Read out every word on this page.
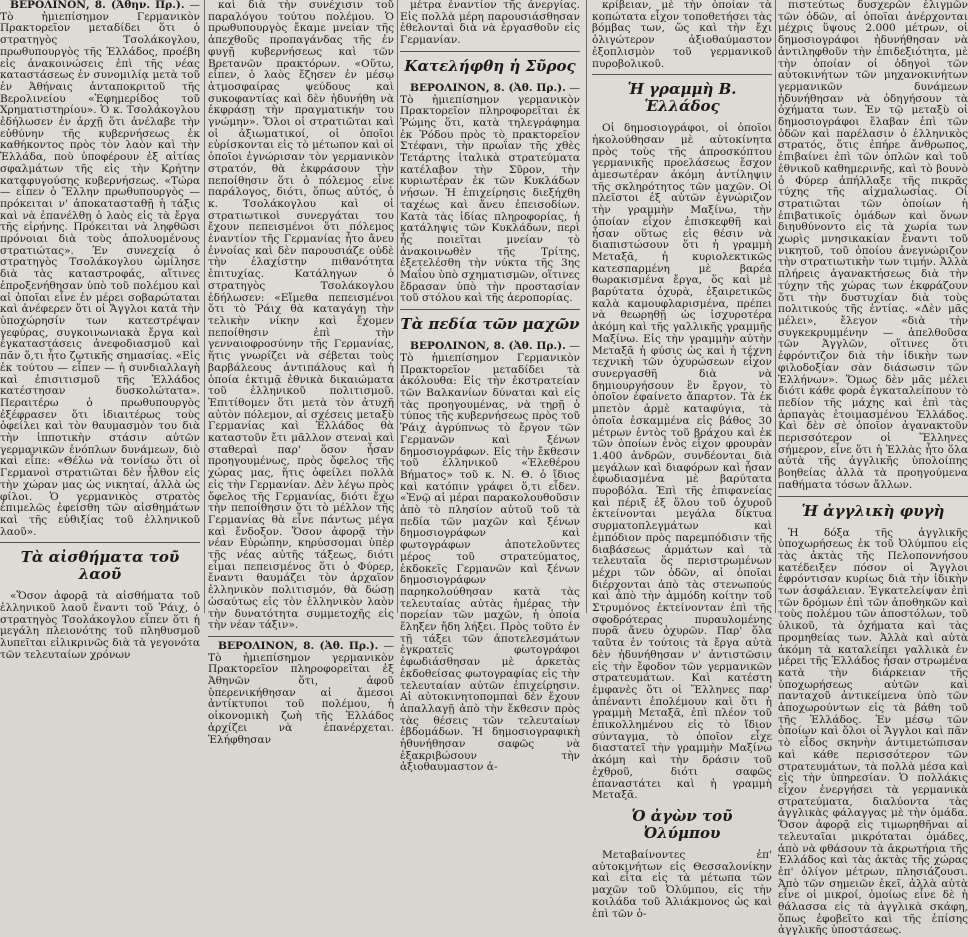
ΒΕΡΟΛΙΝΟΝ, 8. (Ἀθην. Πρ.). — Τὸ ἡμιεπίσημον Γερμανικὸν Πρακτορεῖον μεταδίδει ὅτι ὁ στρατηγὸς Τσολάκογλου, πρωθυπουργὸς τῆς Ἑλλάδος, προέβη εἰς ἀνακοινώσεις ἐπὶ τῆς νέας καταστάσεως ἐν συνομιλίᾳ μετὰ τοῦ ἐν Ἀθήναις ἀνταποκριτοῦ τῆς Βερολινείου «Ἐφημερίδος τοῦ Χρηματιστηρίου». Ὁ κ. Τσολάκογλου ἐδήλωσεν ἐν ἀρχῇ ὅτι ἀνέλαβε τὴν εὐθύνην τῆς κυβερνήσεως ἐκ καθήκοντος πρὸς τὸν λαὸν καὶ τὴν Ἑλλάδα, ποὺ ὑποφέρουν ἐξ αἰτίας σφαλμάτων τῆς εἰς τὴν Κρήτην καταφυγούσης κυβερνήσεως. «Τώρα — εἶπεν ὁ Ἕλλην πρωθυπουργὸς — πρόκειται ν' ἀποκατασταθῇ ἡ τάξις καὶ νὰ ἐπανέλθῃ ὁ λαὸς εἰς τὰ ἔργα τῆς εἰρήνης. Πρόκειται νὰ ληφθῶσι πρόνοιαι διὰ τοὺς ἀπολυομένους στρατιώτας». Ἐν συνεχείᾳ ὁ στρατηγὸς Τσολάκογλου ὡμίλησε διὰ τὰς καταστροφάς, αἵτινες ἐπροξενήθησαν ὑπὸ τοῦ πολέμου καὶ αἱ ὁποῖαι εἶνε ἐν μέρει σοβαρώταται καὶ ἀνέφερεν ὅτι οἱ Ἄγγλοι κατὰ τὴν ὑποχώρησίν των κατεστρέψαν γεφύρας, συγκοινωνιακὰ ἔργα καὶ ἐγκαταστάσεις ἀνεφοδιασμοῦ καὶ πᾶν ὅ,τι ἦτο ζωτικῆς σημασίας. «Εἰς ἐκ τούτου — εἶπεν — ἡ συνδιαλλαγὴ καὶ ἐπισιτισμοῦ τῆς Ἑλλάδος κατέστησαν δυσκολώτατα». Περαιτέρω ὁ πρωθυπουργὸς ἐξέφρασεν ὅτι ἰδιαιτέρως τοὺς ὀφείλει καὶ τὸν θαυμασμὸν του διὰ τὴν ἱπποτικὴν στάσιν αὐτῶν γερμανικῶν ἐνόπλων δυνάμεων, διὸ καὶ εἶπε: «Θέλω νὰ τονίσω ὅτι οἱ Γερμανοὶ στρατιῶται δὲν ἦλθον εἰς τὴν χώραν μας ὡς νικηταί, ἀλλὰ ὡς φίλοι. Ὁ γερμανικὸς στρατὸς ἐπιμελῶς ἐφείσθη τῶν αἰσθημάτων καὶ τῆς εὐθιξίας τοῦ ἑλληνικοῦ λαοῦ».

Τὰ αἰσθήματα τοῦ λαοῦ

«Ὅσον ἀφορᾷ τὰ αἰσθήματα τοῦ ἑλληνικοῦ λαοῦ ἔναντι τοῦ Ῥάιχ, ὁ στρατηγὸς Τσολάκογλου εἶπεν ὅτι ἡ μεγάλη πλειονότης τοῦ πληθυσμοῦ λυπεῖται εἰλικρινῶς διὰ τὰ γεγονότα τῶν τελευταίων χρόνων

καὶ διὰ τὴν συνέχισιν τοῦ παραλόγου τούτου πολέμου. Ὁ πρωθυπουργὸς ἔκαμε μνείαν τῆς ἀπεχθοῦς προπαγάνδας τῆς ἐν φυγῇ κυβερνήσεως καὶ τῶν Βρετανῶν πρακτόρων. «Οὕτω, εἶπεν, ὁ λαὸς ἔζησεν ἐν μέσῳ ἀτμοσφαίρας ψεύδους καὶ συκοφαντίας καὶ δὲν ἠδυνήθη νὰ ἐκφράσῃ τὴν πραγματικήν του γνώμην». Ὅλοι οἱ στρατιῶται καὶ οἱ ἀξιωματικοί, οἱ ὁποῖοι εὑρίσκονται εἰς τὸ μέτωπον καὶ οἱ ὁποῖοι ἐγνώρισαν τὸν γερμανικὸν στρατόν, θὰ ἐκφράσουν τὴν πεποίθησιν ὅτι ὁ πόλεμος εἶνε παράλογος, διότι, ὅπως αὐτός, ὁ κ. Τσολάκογλου καὶ οἱ στρατιωτικοὶ συνεργάται του ἔχουν πεπεισμένοι ὅτι πόλεμος ἐναντίον τῆς Γερμανίας ἦτο ἄνευ ἐννοίας καὶ δὲν παρουσιάζε οὐδὲ τὴν ἐλαχίστην πιθανότητα ἐπιτυχίας. Κατάληγων ὁ στρατηγὸς Τσολάκογλου ἐδήλωσεν: «Εἴμεθα πεπεισμένοι ὅτι τὸ Ῥάιχ θὰ καταγάγῃ τὴν τελικὴν νίκην καὶ ἔχομεν πεποίθησιν ἐπὶ τὴν γενναιοφροσύνην τῆς Γερμανίας, ἥτις γνωρίζει νὰ σέβεται τοὺς βαρβάλεους ἀντιπάλους καὶ ἡ ὁποία ἐκτιμᾷ ἐθνικὰ δικαιώματα τοῦ ἑλληνικοῦ πολιτισμοῦ. Ἐπιτίθομεν ὅτι μετὰ τὸν ἀτυχῆ αὐτὸν πόλεμον, αἱ σχέσεις μεταξὺ Γερμανίας καὶ Ἑλλάδος θὰ καταστοῦν ἔτι μᾶλλον στεναὶ καὶ σταθεραὶ παρ' ὅσον ἦσαν προηγουμένως, πρὸς ὄφελος τῆς χώρας μας, ἥτις ὀφείλει πολλὰ εἰς τὴν Γερμανίαν. Δὲν λέγω πρὸς ὄφελος τῆς Γερμανίας, διότι ἔχω τὴν πεποίθησιν ὅτι τὸ μέλλον τῆς Γερμανίας θὰ εἶνε πάντως μέγα καὶ ἔνδοξον. Ὅσον ἀφορᾷ τὴν νέαν Εὐρώπην, κηρύσσομαι ὑπὲρ τῆς νέας αὐτῆς τάξεως, διότι εἶμαι πεπεισμένος ὅτι ὁ Φύρερ, ἔναντι θαυμάζει τὸν ἀρχαῖον ἑλληνικὸν πολιτισμόν, θὰ δώσῃ ὡσαύτως εἰς τὸν ἑλληνικὸν λαὸν τὴν δυνατότητα συμμετοχῆς εἰς τὴν νέαν τάξιν».

ΒΕΡΟΛΙΝΟΝ, 8. (Ἀθ. Πρ.). — Τὸ ἡμιεπίσημον γερμανικὸν Πρακτορεῖον πληροφορεῖται ἐξ Ἀθηνῶν ὅτι, ἀφοῦ ὑπερενικήθησαν αἱ ἄμεσοι ἀντίκτυποι τοῦ πολέμου, ἡ οἰκονομικὴ ζωὴ τῆς Ἑλλάδος ἀρχίζει νὰ ἐπανέρχεται. Ἐλήφθησαν

μέτρα ἐναντίον τῆς ἀνεργίας. Εἰς πολλὰ μέρη παρουσιάσθησαν ἐθελονταὶ διὰ νὰ ἐργασθοῦν εἰς Γερμανίαν.

Κατελήφθη ἡ Σῦρος

ΒΕΡΟΛΙΝΟΝ, 8. (Ἀθ. Πρ.). — Τὸ ἡμιεπίσημον γερμανικὸν Πρακτορεῖον πληροφορεῖται ἐκ Ῥώμης ὅτι, κατὰ τηλεγράφημα ἐκ Ῥόδου πρὸς τὸ πρακτορεῖον Στέφανι, τὴν πρωΐαν τῆς χθὲς Τετάρτης ἰταλικὰ στρατεύματα κατέλαβον τὴν Σῦρον, τὴν κυριωτέραν ἐκ τῶν Κυκλάδων νήσων. Ἡ ἐπιχείρησις διεξήχθη ταχέως καὶ ἄνευ ἐπεισοδίων. Κατὰ τὰς ἰδίας πληροφορίας, ἡ κατάληψις τῶν Κυκλάδων, περὶ ἧς ποιεῖται μνείαν τὸ ἀνακοινωθὲν τῆς Τρίτης, ἐξετελέσθη τὴν νύκτα τῆς 3ης Μαΐου ὑπὸ σχηματισμῶν, οἵτινες ἔδρασαν ὑπὸ τὴν προστασίαν τοῦ στόλου καὶ τῆς ἀεροπορίας.

Τὰ πεδία τῶν μαχῶν

ΒΕΡΟΛΙΝΟΝ, 8. (Ἀθ. Πρ.). — Τὸ ἡμιεπίσημον Γερμανικὸν Πρακτορεῖον μεταδίδει τὰ ἀκόλουθα: Εἰς τὴν ἐκστρατείαν τῶν Βαλκανίων δύναται καὶ εἰς τὰς προηγουμένας, νὰ τηρῇ ὁ τύπος τῆς κυβερνήσεως πρὸς τοῦ Ῥάιχ ἀγρύπνως τὸ ἔργον τῶν Γερμανῶν καὶ ξένων δημοσιογράφων. Εἰς τὴν ἔκθεσιν τοῦ ἐλληνικοῦ «Ἐλεθέρου Βήματος» τοῦ κ. Ν. Θ. ὁ ἴδιος καὶ κατόπιν γράφει ὅ,τι εἶδεν. «Ἐνῷ αἱ μέραι παρακολουθοῦσιν ἀπὸ τὸ πλησίον αὐτοῦ τοῦ τὰ πεδία τῶν μαχῶν καὶ ξένων δημοσιογράφων καὶ φωτογράφων ἀποτελοῦντες μέρος τοῦ στρατεύματος, ἐκδοκεῖς Γερμανῶν καὶ ξένων δημοσιογράφων παρηκολούθησαν κατὰ τὰς τελευταίας αὐτὰς ἡμέρας τὴν πορείαν τῶν μαχῶν, ἡ ὁποία ἔληξεν ἤδη λήξει. Πρὸς τοῦτο ἐν τῇ τάξει τῶν ἀποτελεσμάτων ἐγκρατεῖς φωτογράφοι ἐφωδιάσθησαν μὲ ἀρκετὰς ἐκδοθείσας φωτογραφίας εἰς τὴν τελευταίαν αὐτῶν ἐπιχείρησιν. Αἱ αὐτοκινητοπομπαὶ δὲν ἔχουν ἀπαλλαγῇ ἀπὸ τὴν ἔκθεσιν πρὸς τὰς θέσεις τῶν τελευταίων ἑβδομάδων. Ἡ δημοσιογραφικὴ ἡθυνήθησαν σαφῶς νὰ ἐξακριβώσουν τὴν ἀξιοθαυμαστον ἀ-

κρίβειαν, μὲ τὴν ὁποίαν τὰ κοπώτατα εἶχον τοποθετήσει τὰς βόμβας των, ὥς καὶ τὴν ἔχι ὀλιγώτερον ἀξιοθαύμαστον ἐξοπλισμὸν τοῦ γερμανικοῦ πυροβολικοῦ.

Ἡ γραμμὴ Β. Ἑλλάδος

Οἱ δημοσιογράφοι, οἱ ὁποῖοι ἠκολούθησαν μὲ αὐτοκίνητα πρὸς τοὺς τῆς ἀπροσκόπτου γερμανικῆς προελάσεως ἔσχον ἀμεσωτέραν ἀκόμη ἀντίληψιν τῆς σκληρότητος τῶν μαχῶν. Οἱ πλεῖστοι ἐξ αὐτῶν ἐγνώριζον τὴν γραμμὴν Μαξίνω, τὴν ὁποίαν εἶχον ἐπισκεφθῆ καὶ ἦσαν οὕτως εἰς θέσιν νὰ διαπιστώσουν ὅτι ἡ γραμμὴ Μεταξᾶ, ἡ κυριολεκτικῶς κατεσπαρμένη μὲ βαρέα θωρακισμένα ἔργα, ὅς καὶ μὲ βαρύτατα ὀχυρὰ, ἐξαιρετικῶς καλὰ καμουφλαρισμένα, πρέπει νὰ θεωρηθῇ ὡς ἰσχυροτέρα ἀκόμη καὶ τῆς γαλλικῆς γραμμῆς Μαξίνω. Εἰς τὴν γραμμὴν αὐτὴν Μεταξᾶ ἡ φύσις ὡς καὶ ἡ τέχνη τεχνικὴ τῶν ὀχυρώσεων εἶχον συνεργασθῆ διὰ νὰ δημιουργήσουν ἓν ἔργον, τὸ ὁποῖον ἐφαίνετο ἄπαρτον. Τὰ ἐκ μπετὸν ἀρμὲ καταφύγια, τὰ ὁποῖα ἐσκαμμένα εἰς βάθος 30 μέτρων ἐντὸς τοῦ βράχου καὶ ἐκ τῶν ὁποίων ἐνὸς εἶχον φρουρὰν 1.400 ἀνδρῶν, συνδέονται διὰ μεγάλων καὶ διαφόρων καὶ ἦσαν ἐφωδιασμένα μὲ βαρύτατα πυροβόλα. Ἐπὶ τῆς ἐπιφανείας καὶ πέριξ ἐξ ὅλου τοῦ ὀχυροῦ ἐκτείνονται μεγάλα δίκτυα συρματοπλεγμάτων καὶ ἐμπόδιον πρὸς παρεμπόδισιν τῆς διαβάσεως ἁρμάτων καὶ τὰ τελευταῖα ὅς περιστρωμένων μέχρι τῶν ὁδῶν, αἱ ὁποῖαι διέρχονται ἀπὸ τὰς στενωπούς καὶ ἀπὸ τὴν ἀμμόδη κοίτην τοῦ Στρυμόνος ἐκτείνονταν ἐπὶ τῆς σφοδρότερας πυραυλομένης πυρᾶ ἄνευ ὀχυρῶν. Παρ' ὅλα ταῦτα ἐν τούτοις τὰ ἔργα αὐτὰ δὲν ἠδυνήθησαν ν' ἀντιστῶσιν εἰς τὴν ἔφοδον τῶν γερμανικῶν στρατευμάτων. Καὶ κατέστη ἐμφανὲς ὅτι οἱ Ἕλληνες παρ' ἀπέναντι ἐπολέμουν καὶ ὅτι ἡ γραμμὴ Μεταξᾶ, ἐπὶ πλέον τοῦ ἐπικολλημένου εἰς τὸ ἴδιον σύνταγμα, τὸ ὁποῖον εἶχε διαστατεῖ τὴν γραμμὴν Μαξίνω ἀκόμη καὶ τὴν δράσιν τοῦ ἐχθροῦ, διότι σαφῶς ἐπαναστάτει καὶ ἡ γραμμὴ Μεταξᾶ.

Ὁ ἀγὼν τοῦ Ὀλύμπου

Μεταβαίνοντες ἐπ' αὐτοκινήτων εἰς Θεσσαλονίκην καὶ εἶτα εἰς τὰ μέτωπα τῶν μαχῶν τοῦ Ὀλύμπου, εἰς τὴν κοιλάδα τοῦ Ἁλιάκμονος ὡς καὶ ἐπὶ τῶν ὁ-

πιστεύτως δυσχερῶν ἑλιγμῶν τῶν ὁδῶν, αἱ ὁποῖαι ἀνέρχονται μέχρις ὕψους 2.000 μέτρων, οἱ δημοσιογράφοι ἠδυνήθησαν νὰ ἀντιληφθοῦν τὴν ἐπιδεξιότητα, μὲ τὴν ὁποίαν οἱ ὁδηγοὶ τῶν αὐτοκινήτων τῶν μηχανοκινήτων γερμανικῶν δυνάμεων ἠδυνήθησαν νὰ ὁδηγήσουν τὰ ὀχήματα των. Ἐν τῷ μεταξὺ οἱ δημοσιογράφοι ἔλαβαν ἐπὶ τῶν ὁδῶν καὶ παρέλασιν ὁ ἑλληνικὸς στρατός, ὅτις ἐπήρε ἄνθρωπος, ἐπιβαίνει ἐπὶ τῶν ὁπλῶν καὶ τοῦ ἐθνικοῦ καθημερινῆς, καὶ τὸ βουνὸ ὁ Φύρερ ἀπήλλαξε τῆς πικρᾶς τύχης τῆς αἰχμαλωσίας. Οἱ στρατιῶται τῶν ὁποίων ἡ ἐπιβατικοῖς ὁμάδων καὶ ὅνων διηυθύνοντο εἰς τὰ χωρία των χωρὶς μνησικακίαν ἔναντι τοῦ νικητοῦ, τοῦ ὁποίου ἀνεγνώριζον τὴν στρατιωτικὴν των τιμήν. Ἀλλὰ πλήρεις ἀγανακτήσεως διὰ τὴν τύχην τῆς χώρας των ἐκφράζουν ὅτι τὴν δυστυχίαν διὰ τοὺς πολιτικούς τῆς ἐντίας. «Δὲν μᾶς μέλει», ἔλεγον «διὰ τὴν συγκεκρυμμένην — ἀπελθοῦσα τῶν Ἀγγλῶν, οἵτινες ὅτι ἐφρόντιζον διὰ τὴν ἰδικὴν των φιλοδοξίαν σὰν διάσωσιν τῶν Ἑλλήνων». Ὅμως δὲν μᾶς μέλει διότι κάθε φορὰ ἐγκαταλείπουν τὸ πεδίον τῆς μάχης καὶ ἐπὶ τὰς ἁρπαγὰς ἑτοιμασμένου Ἑλλάδος. Καὶ δὲν σὲ ὁποῖον ἀγανακτοῦν περισσότερον οἱ Ἕλληνες σήμερον, εἶνε ὅτι ἡ Ἑλλὰς ἦτο ὅλα αὐτὰ τῆς ἀγγλικῆς ὑπολοίπης βοηθείας ἀλλὰ τὰ προηγούμενα παθήματα τόσων ἄλλων.

Ἡ ἀγγλικὴ φυγὴ

Ἡ δόξα τῆς ἀγγλικῆς ὑποχωρήσεως ἐκ τοῦ Ὀλύμπου εἰς τὰς ἀκτὰς τῆς Πελοποννήσου κατέδειξεν πόσον οἱ Ἄγγλοι ἐφρόντισαν κυρίως διὰ τὴν ἰδικὴν των ἀσφάλειαν. Ἐγκατελείψαν ἐπὶ τῶν δρόμων ἐπὶ τῶν ἀποθηκῶν καὶ τοὺς πολέμου τῶν ἀποστόλων, τοῦ ὑλικοῦ, τὰ ὀχήματα καὶ τὰς προμηθείας των. Ἀλλὰ καὶ αὐτὰ ἀκόμη τὰ καταλείπει γαλλικὰ ἐν μέρει τῆς Ἑλλάδος ἦσαν στρωμένα κατὰ τὴν διάρκειαν τῆς ὑποχωρήσεως αὐτῶν καὶ πανταχοῦ ἀντικείμενα ὑπὸ τῶν ἀποχωρούντων εἰς τὰ βάθη τοῦ τῆς Ἑλλάδος. Ἐν μέσῳ τῶν ὁποίων καὶ ὅλοι οἱ Ἄγγλοι καὶ πᾶν τὸ εἶδος σκηνὴν ἀντιμετώπισαν καὶ κάθε περισσότερον τῶν στρατευμάτων, τὰ πολλὰ μέσα καὶ εἰς τὴν ὑπηρεσίαν. Ὁ πολλάκις εἶχον ἐνεργήσει τὰ γερμανικὰ στρατεύματα, διαλύοντα τὰς ἀγγλικὰς φάλαγγας μὲ τὴν ὁμάδα. Ὅσον ἀφορᾷ εἰς τιμωρηθῆναι αἱ τελευταῖαι μικρόταται ὁμάδες, ἀπὸ νὰ φθάσουν τὰ ἀκρωτήρια τῆς Ἑλλάδος καὶ τὰς ἀκτὰς τῆς χώρας ἐπ' ὀλίγον μέτρων, πλησιάζουσι. Ἀπὸ τῶν σημειῶν ἐκεῖ, ἀλλὰ αὐτὰ εἶνε οἱ μικροί, ὁμοίως εἶνε δὲ ἡ θάλασσα εἰς τὰ ἀγγλικὰ σκάφη, ὅπως ἐφοβεῖτο καὶ τῆς ἐπίσης ἀγγλικῆς ὑποστάσεως.
